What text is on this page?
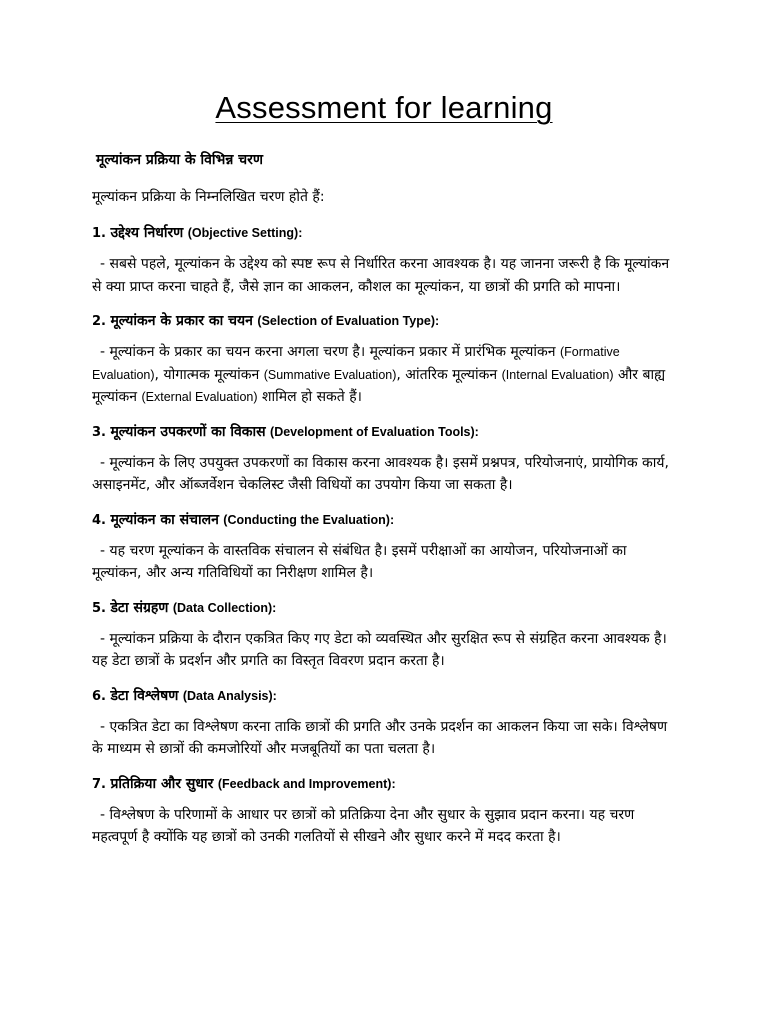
Assessment for learning
मूल्यांकन प्रक्रिया के विभिन्न चरण

मूल्यांकन प्रक्रिया के निम्नलिखित चरण होते हैं:

1. उद्देश्य निर्धारण (Objective Setting):

- सबसे पहले, मूल्यांकन के उद्देश्य को स्पष्ट रूप से निर्धारित करना आवश्यक है। यह जानना जरूरी है कि मूल्यांकन से क्या प्राप्त करना चाहते हैं, जैसे ज्ञान का आकलन, कौशल का मूल्यांकन, या छात्रों की प्रगति को मापना।

2. मूल्यांकन के प्रकार का चयन (Selection of Evaluation Type):

- मूल्यांकन के प्रकार का चयन करना अगला चरण है। मूल्यांकन प्रकार में प्रारंभिक मूल्यांकन (Formative Evaluation), योगात्मक मूल्यांकन (Summative Evaluation), आंतरिक मूल्यांकन (Internal Evaluation) और बाह्य मूल्यांकन (External Evaluation) शामिल हो सकते हैं।

3. मूल्यांकन उपकरणों का विकास (Development of Evaluation Tools):

- मूल्यांकन के लिए उपयुक्त उपकरणों का विकास करना आवश्यक है। इसमें प्रश्नपत्र, परियोजनाएं, प्रायोगिक कार्य, असाइनमेंट, और ऑब्जर्वेशन चेकलिस्ट जैसी विधियों का उपयोग किया जा सकता है।

4. मूल्यांकन का संचालन (Conducting the Evaluation):

- यह चरण मूल्यांकन के वास्तविक संचालन से संबंधित है। इसमें परीक्षाओं का आयोजन, परियोजनाओं का मूल्यांकन, और अन्य गतिविधियों का निरीक्षण शामिल है।

5. डेटा संग्रहण (Data Collection):

- मूल्यांकन प्रक्रिया के दौरान एकत्रित किए गए डेटा को व्यवस्थित और सुरक्षित रूप से संग्रहित करना आवश्यक है। यह डेटा छात्रों के प्रदर्शन और प्रगति का विस्तृत विवरण प्रदान करता है।

6. डेटा विश्लेषण (Data Analysis):

- एकत्रित डेटा का विश्लेषण करना ताकि छात्रों की प्रगति और उनके प्रदर्शन का आकलन किया जा सके। विश्लेषण के माध्यम से छात्रों की कमजोरियों और मजबूतियों का पता चलता है।

7. प्रतिक्रिया और सुधार (Feedback and Improvement):

- विश्लेषण के परिणामों के आधार पर छात्रों को प्रतिक्रिया देना और सुधार के सुझाव प्रदान करना। यह चरण महत्वपूर्ण है क्योंकि यह छात्रों को उनकी गलतियों से सीखने और सुधार करने में मदद करता है।
